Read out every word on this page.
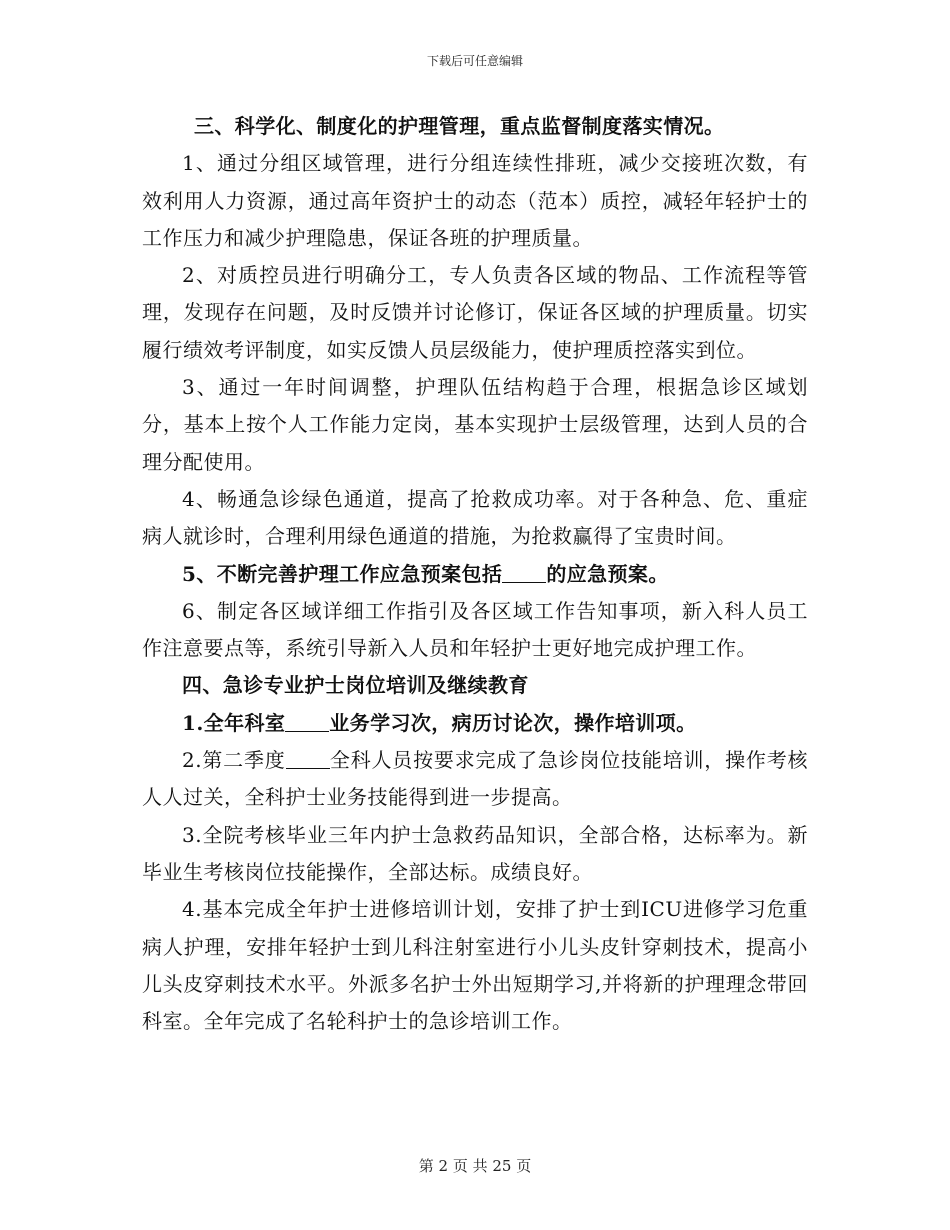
下载后可任意编辑

三、科学化、制度化的护理管理，重点监督制度落实情况。

1、通过分组区域管理，进行分组连续性排班，减少交接班次数，有效利用人力资源，通过高年资护士的动态（范本）质控，减轻年轻护士的工作压力和减少护理隐患，保证各班的护理质量。

2、对质控员进行明确分工，专人负责各区域的物品、工作流程等管理，发现存在问题，及时反馈并讨论修订，保证各区域的护理质量。切实履行绩效考评制度，如实反馈人员层级能力，使护理质控落实到位。

3、通过一年时间调整，护理队伍结构趋于合理，根据急诊区域划分，基本上按个人工作能力定岗，基本实现护士层级管理，达到人员的合理分配使用。

4、畅通急诊绿色通道，提高了抢救成功率。对于各种急、危、重症病人就诊时，合理利用绿色通道的措施，为抢救赢得了宝贵时间。

5、不断完善护理工作应急预案包括 的应急预案。

6、制定各区域详细工作指引及各区域工作告知事项，新入科人员工作注意要点等，系统引导新入人员和年轻护士更好地完成护理工作。

四、急诊专业护士岗位培训及继续教育

1.全年科室 业务学习次，病历讨论次，操作培训项。

2.第二季度 全科人员按要求完成了急诊岗位技能培训，操作考核人人过关，全科护士业务技能得到进一步提高。

3.全院考核毕业三年内护士急救药品知识，全部合格，达标率为。新毕业生考核岗位技能操作，全部达标。成绩良好。

4.基本完成全年护士进修培训计划，安排了护士到ICU进修学习危重病人护理，安排年轻护士到儿科注射室进行小儿头皮针穿刺技术，提高小儿头皮穿刺技术水平。外派多名护士外出短期学习,并将新的护理理念带回科室。全年完成了名轮科护士的急诊培训工作。

第 2 页 共 25 页
